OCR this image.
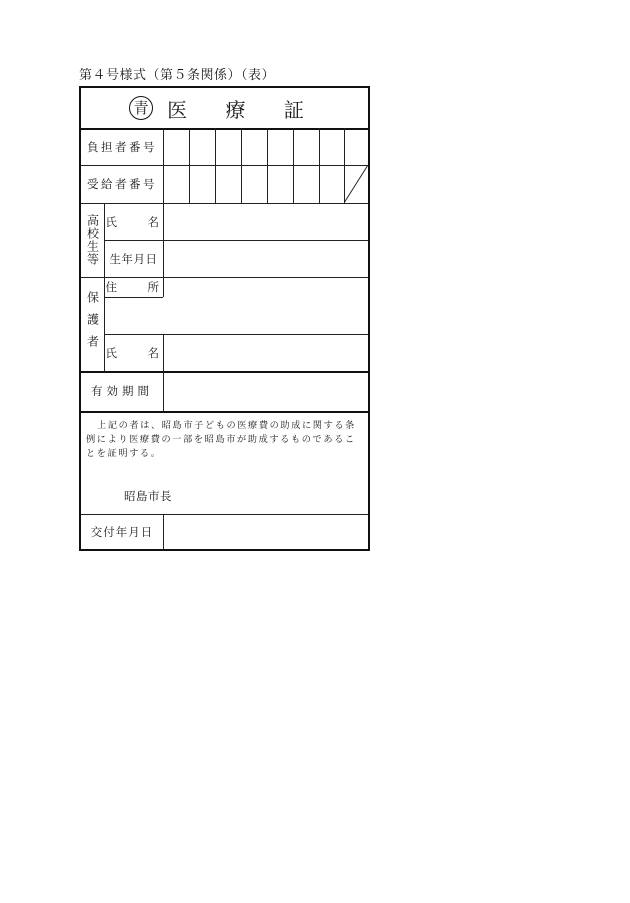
第４号様式（第５条関係）（表）
青 医 療 証
負担者番号
受給者番号
高校生等 氏　　名
生年月日
保護者
住　　所
氏　　名
有効期間
上記の者は、昭島市子どもの医療費の助成に関する条例により医療費の一部を昭島市が助成するものであることを証明する。
昭島市長
交付年月日
